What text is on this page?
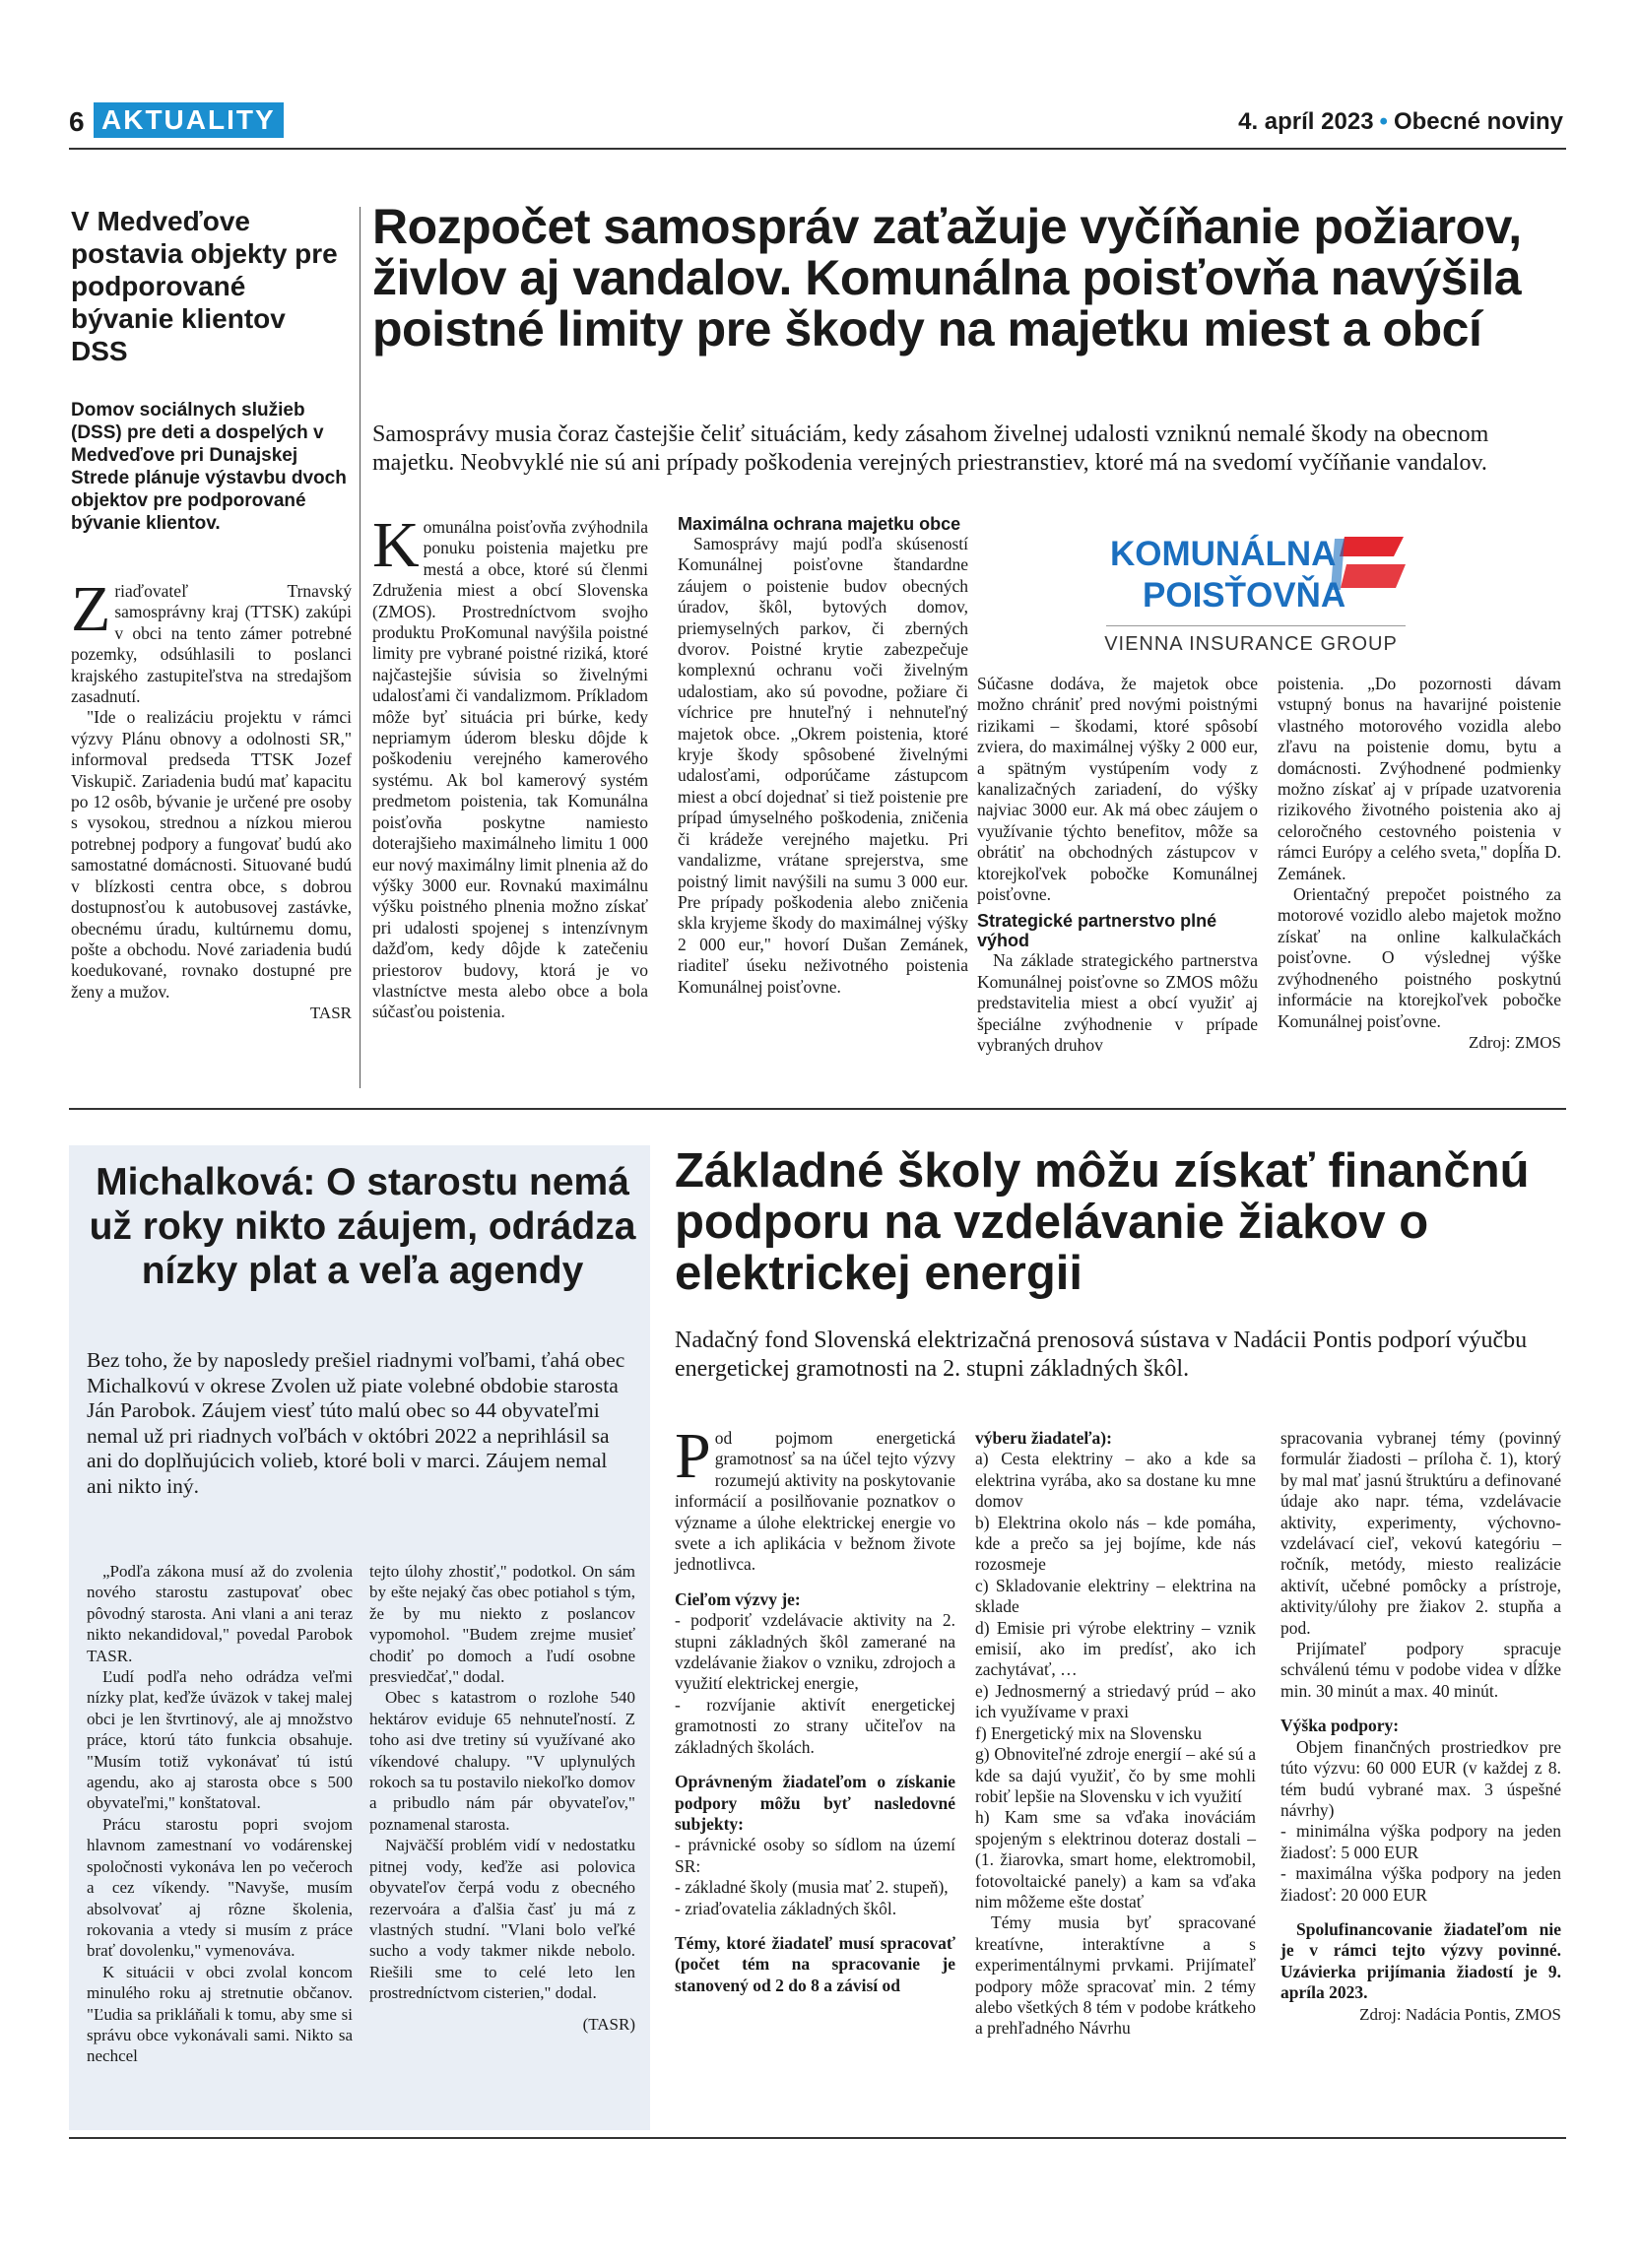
6 AKTUALITY	4. apríl 2023 • Obecné noviny
V Medveďove postavia objekty pre podporované bývanie klientov DSS
Domov sociálnych služieb (DSS) pre deti a dospelých v Medveďove pri Dunajskej Strede plánuje výstavbu dvoch objektov pre podporované bývanie klientov.

Zriaďovateľ Trnavský samosprávny kraj (TTSK) zakúpi v obci na tento zámer potrebné pozemky, odsúhlasili to poslanci krajského zastupiteľstva na stredajšom zasadnutí.

"Ide o realizáciu projektu v rámci výzvy Plánu obnovy a odolnosti SR," informoval predseda TTSK Jozef Viskupič. Zariadenia budú mať kapacitu po 12 osôb, bývanie je určené pre osoby s vysokou, strednou a nízkou mierou potrebnej podpory a fungovať budú ako samostatné domácnosti. Situované budú v blízkosti centra obce, s dobrou dostupnosťou k autobusovej zastávke, obecnému úradu, kultúrnemu domu, pošte a obchodu. Nové zariadenia budú koedukované, rovnako dostupné pre ženy a mužov.

TASR
Rozpočet samospráv zaťažuje vyčíňanie požiarov, živlov aj vandalov. Komunálna poisťovňa navýšila poistné limity pre škody na majetku miest a obcí
Samosprávy musia čoraz častejšie čeliť situáciám, kedy zásahom živelnej udalosti vzniknú nemalé škody na obecnom majetku. Neobvyklé nie sú ani prípady poškodenia verejných priestranstiev, ktoré má na svedomí vyčíňanie vandalov.

Komunálna poisťovňa zvýhodnila ponuku poistenia majetku pre mestá a obce, ktoré sú členmi Združenia miest a obcí Slovenska (ZMOS). Prostredníctvom svojho produktu ProKomunal navýšila poistné limity pre vybrané poistné riziká, ktoré najčastejšie súvisia so živelnými udalosťami či vandalizmom. Príkladom môže byť situácia pri búrke, kedy nepriamym úderom blesku dôjde k poškodeniu verejného kamerového systému. Ak bol kamerový systém predmetom poistenia, tak Komunálna poisťovňa poskytne namiesto doterajšieho maximálneho limitu 1 000 eur nový maximálny limit plnenia až do výšky 3000 eur. Rovnakú maximálnu výšku poistného plnenia možno získať pri udalosti spojenej s intenzívnym dažďom, kedy dôjde k zatečeniu priestorov budovy, ktorá je vo vlastníctve mesta alebo obce a bola súčasťou poistenia.

Maximálna ochrana majetku obce

Samosprávy majú podľa skúseností Komunálnej poisťovne štandardne záujem o poistenie budov obecných úradov, škôl, bytových domov, priemyselných parkov, či zberných dvorov. Poistné krytie zabezpečuje komplexnú ochranu voči živelným udalostiam, ako sú povodne, požiare či víchrice pre hnuteľný i nehnuteľný majetok obce. „Okrem poistenia, ktoré kryje škody spôsobené živelnými udalosťami, odporúčame zástupcom miest a obcí dojednať si tiež poistenie pre prípad úmyselného poškodenia, zničenia či krádeže verejného majetku. Pri vandalizme, vrátane sprejerstva, sme poistný limit navýšili na sumu 3 000 eur. Pre prípady poškodenia alebo zničenia skla kryjeme škody do maximálnej výšky 2 000 eur," hovorí Dušan Zemánek, riaditeľ úseku neživotného poistenia Komunálnej poisťovne.

KOMUNÁLNA
POISŤOVŇA
VIENNA INSURANCE GROUP

Súčasne dodáva, že majetok obce možno chrániť pred novými poistnými rizikami – škodami, ktoré spôsobí zviera, do maximálnej výšky 2 000 eur, a spätným vystúpením vody z kanalizačných zariadení, do výšky najviac 3000 eur. Ak má obec záujem o využívanie týchto benefitov, môže sa obrátiť na obchodných zástupcov v ktorejkoľvek pobočke Komunálnej poisťovne.

Strategické partnerstvo plné výhod

Na základe strategického partnerstva Komunálnej poisťovne so ZMOS môžu predstavitelia miest a obcí využiť aj špeciálne zvýhodnenie v prípade vybraných druhov

poistenia. „Do pozornosti dávam vstupný bonus na havarijné poistenie vlastného motorového vozidla alebo zľavu na poistenie domu, bytu a domácnosti. Zvýhodnené podmienky možno získať aj v prípade uzatvorenia rizikového životného poistenia ako aj celoročného cestovného poistenia v rámci Európy a celého sveta," dopĺňa D. Zemánek.

Orientačný prepočet poistného za motorové vozidlo alebo majetok možno získať na online kalkulačkách poisťovne. O výslednej výške zvýhodneného poistného poskytnú informácie na ktorejkoľvek pobočke Komunálnej poisťovne.

Zdroj: ZMOS
Michalková: O starostu nemá už roky nikto záujem, odrádza nízky plat a veľa agendy
Bez toho, že by naposledy prešiel riadnymi voľbami, ťahá obec Michalkovú v okrese Zvolen už piate volebné obdobie starosta Ján Parobok. Záujem viesť túto malú obec so 44 obyvateľmi nemal už pri riadnych voľbách v októbri 2022 a neprihlásil sa ani do doplňujúcich volieb, ktoré boli v marci. Záujem nemal ani nikto iný.

„Podľa zákona musí až do zvolenia nového starostu zastupovať obec pôvodný starosta. Ani vlani a ani teraz nikto nekandidoval," povedal Parobok TASR.

Ľudí podľa neho odrádza veľmi nízky plat, keďže úväzok v takej malej obci je len štvrtinový, ale aj množstvo práce, ktorú táto funkcia obsahuje. "Musím totiž vykonávať tú istú agendu, ako aj starosta obce s 500 obyvateľmi," konštatoval.

Prácu starostu popri svojom hlavnom zamestnaní vo vodárenskej spoločnosti vykonáva len po večeroch a cez víkendy. "Navyše, musím absolvovať aj rôzne školenia, rokovania a vtedy si musím z práce brať dovolenku," vymenováva.

K situácii v obci zvolal koncom minulého roku aj stretnutie občanov. "Ľudia sa prikláňali k tomu, aby sme si správu obce vykonávali sami. Nikto sa nechcel

tejto úlohy zhostiť," podotkol. On sám by ešte nejaký čas obec potiahol s tým, že by mu niekto z poslancov vypomohol. "Budem zrejme musieť chodiť po domoch a ľudí osobne presviedčať," dodal.

Obec s katastrom o rozlohe 540 hektárov eviduje 65 nehnuteľností. Z toho asi dve tretiny sú využívané ako víkendové chalupy. "V uplynulých rokoch sa tu postavilo niekoľko domov a pribudlo nám pár obyvateľov," poznamenal starosta.

Najväčší problém vidí v nedostatku pitnej vody, keďže asi polovica obyvateľov čerpá vodu z obecného rezervoára a ďalšia časť ju má z vlastných studní. "Vlani bolo veľké sucho a vody takmer nikde nebolo. Riešili sme to celé leto len prostredníctvom cisterien," dodal.

(TASR)
Základné školy môžu získať finančnú podporu na vzdelávanie žiakov o elektrickej energii
Nadačný fond Slovenská elektrizačná prenosová sústava v Nadácii Pontis podporí výučbu energetickej gramotnosti na 2. stupni základných škôl.

Pod pojmom energetická gramotnosť sa na účel tejto výzvy rozumejú aktivity na poskytovanie informácií a posilňovanie poznatkov o význame a úlohe elektrickej energie vo svete a ich aplikácia v bežnom živote jednotlivca.

Cieľom výzvy je:

- podporiť vzdelávacie aktivity na 2. stupni základných škôl zamerané na vzdelávanie žiakov o vzniku, zdrojoch a využití elektrickej energie,

- rozvíjanie aktivít energetickej gramotnosti zo strany učiteľov na základných školách.

Oprávneným žiadateľom o získanie podpory môžu byť nasledovné subjekty:

- právnické osoby so sídlom na území SR:

- základné školy (musia mať 2. stupeň),

- zriaďovatelia základných škôl.

Témy, ktoré žiadateľ musí spracovať (počet tém na spracovanie je stanovený od 2 do 8 a závisí od

výberu žiadateľa):

a) Cesta elektriny – ako a kde sa elektrina vyrába, ako sa dostane ku mne domov

b) Elektrina okolo nás – kde pomáha, kde a prečo sa jej bojíme, kde nás rozosmeje

c) Skladovanie elektriny – elektrina na sklade

d) Emisie pri výrobe elektriny – vznik emisií, ako im predísť, ako ich zachytávať, …

e) Jednosmerný a striedavý prúd – ako ich využívame v praxi

f) Energetický mix na Slovensku

g) Obnoviteľné zdroje energií – aké sú a kde sa dajú využiť, čo by sme mohli robiť lepšie na Slovensku v ich využití

h) Kam sme sa vďaka inováciám spojeným s elektrinou doteraz dostali – (1. žiarovka, smart home, elektromobil, fotovoltaické panely) a kam sa vďaka nim môžeme ešte dostať

Témy musia byť spracované kreatívne, interaktívne a s experimentálnymi prvkami. Prijímateľ podpory môže spracovať min. 2 témy alebo všetkých 8 tém v podobe krátkeho a prehľadného Návrhu

spracovania vybranej témy (povinný formulár žiadosti – príloha č. 1), ktorý by mal mať jasnú štruktúru a definované údaje ako napr. téma, vzdelávacie aktivity, experimenty, výchovno-vzdelávací cieľ, vekovú kategóriu – ročník, metódy, miesto realizácie aktivít, učebné pomôcky a prístroje, aktivity/úlohy pre žiakov 2. stupňa a pod.

Prijímateľ podpory spracuje schválenú tému v podobe videa v dĺžke min. 30 minút a max. 40 minút.

Výška podpory:

Objem finančných prostriedkov pre túto výzvu: 60 000 EUR (v každej z 8. tém budú vybrané max. 3 úspešné návrhy)

- minimálna výška podpory na jeden žiadosť: 5 000 EUR

- maximálna výška podpory na jeden žiadosť: 20 000 EUR

Spolufinancovanie žiadateľom nie je v rámci tejto výzvy povinné. Uzávierka prijímania žiadostí je 9. apríla 2023.

Zdroj: Nadácia Pontis, ZMOS
